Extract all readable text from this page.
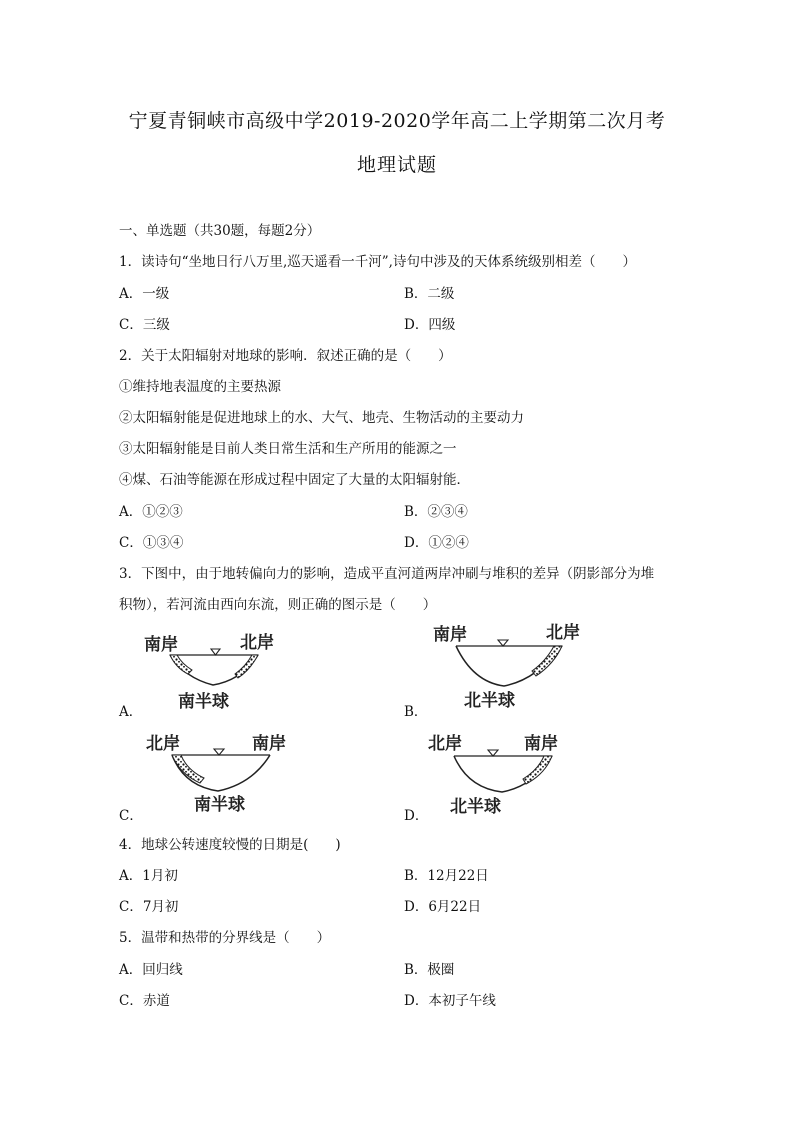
宁夏青铜峡市高级中学2019-2020学年高二上学期第二次月考
地理试题
一、单选题（共30题，每题2分）
1．读诗句“坐地日行八万里,巡天遥看一千河”,诗句中涉及的天体系统级别相差（　　）
A．一级	B．二级
C．三级	D．四级
2．关于太阳辐射对地球的影响．叙述正确的是（　　）
①维持地表温度的主要热源
②太阳辐射能是促进地球上的水、大气、地壳、生物活动的主要动力
③太阳辐射能是目前人类日常生活和生产所用的能源之一
④煤、石油等能源在形成过程中固定了大量的太阳辐射能．
A．①②③	B．②③④
C．①③④	D．①②④
3．下图中，由于地转偏向力的影响，造成平直河道两岸冲刷与堆积的差异（阴影部分为堆
积物），若河流由西向东流，则正确的图示是（　　）
A．
南岸	北岸
南半球	B．
南岸	北岸
北半球
C．
北岸	南岸
南半球
D．
北岸	南岸
北半球
4．地球公转速度较慢的日期是(　　)
A．1月初	B．12月22日
C．7月初	D．6月22日
5．温带和热带的分界线是（　　）
A．回归线	B．极圈
C．赤道	D．本初子午线
